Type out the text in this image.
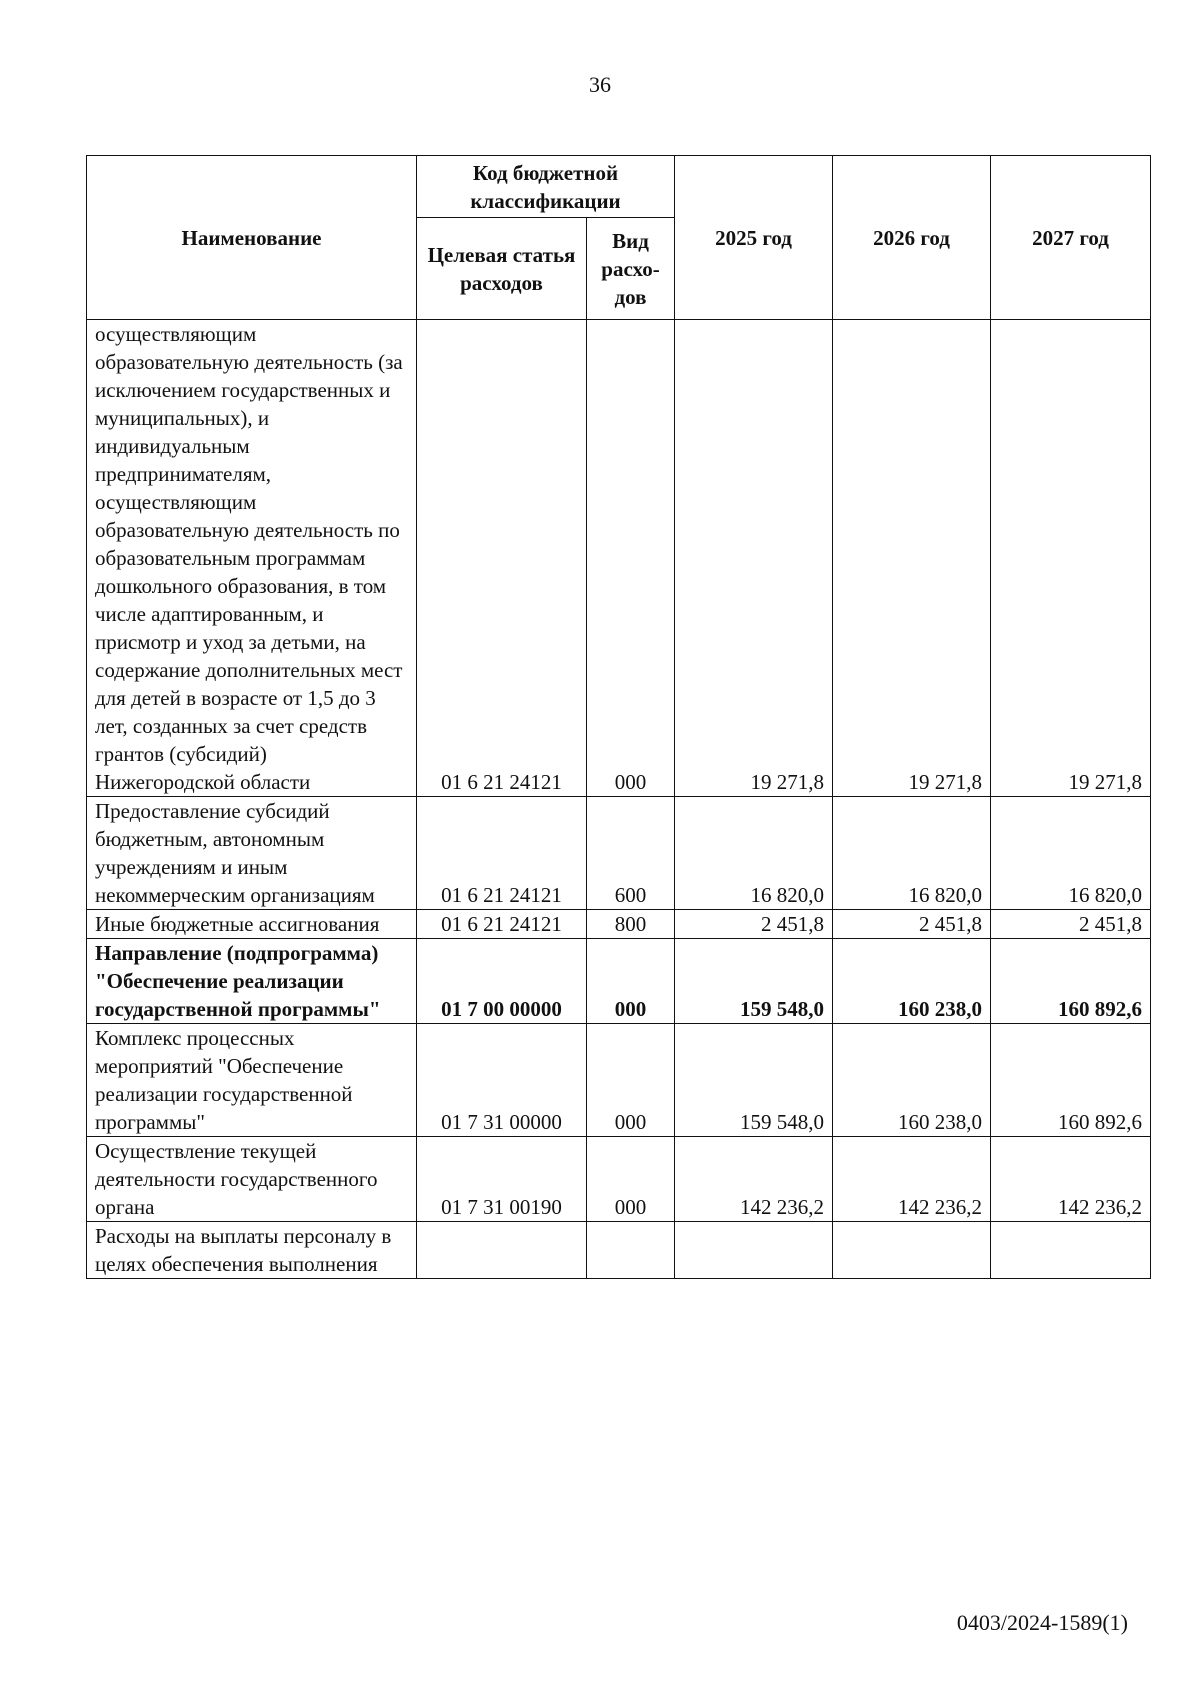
36
Наименование	Код бюджетной классификации		2025 год	2026 год	2027 год
	Целевая статья расходов	Вид расхо-дов			
осуществляющим образовательную деятельность (за исключением государственных и муниципальных), и индивидуальным предпринимателям, осуществляющим образовательную деятельность по образовательным программам дошкольного образования, в том числе адаптированным, и присмотр и уход за детьми, на содержание дополнительных мест для детей в возрасте от 1,5 до 3 лет, созданных за счет средств грантов (субсидий) Нижегородской области	01 6 21 24121	000	19 271,8	19 271,8	19 271,8
Предоставление субсидий бюджетным, автономным учреждениям и иным некоммерческим организациям	01 6 21 24121	600	16 820,0	16 820,0	16 820,0
Иные бюджетные ассигнования	01 6 21 24121	800	2 451,8	2 451,8	2 451,8
Направление (подпрограмма) "Обеспечение реализации государственной программы"	01 7 00 00000	000	159 548,0	160 238,0	160 892,6
Комплекс процессных мероприятий "Обеспечение реализации государственной программы"	01 7 31 00000	000	159 548,0	160 238,0	160 892,6
Осуществление текущей деятельности государственного органа	01 7 31 00190	000	142 236,2	142 236,2	142 236,2
Расходы на выплаты персоналу в целях обеспечения выполнения					
0403/2024-1589(1)
